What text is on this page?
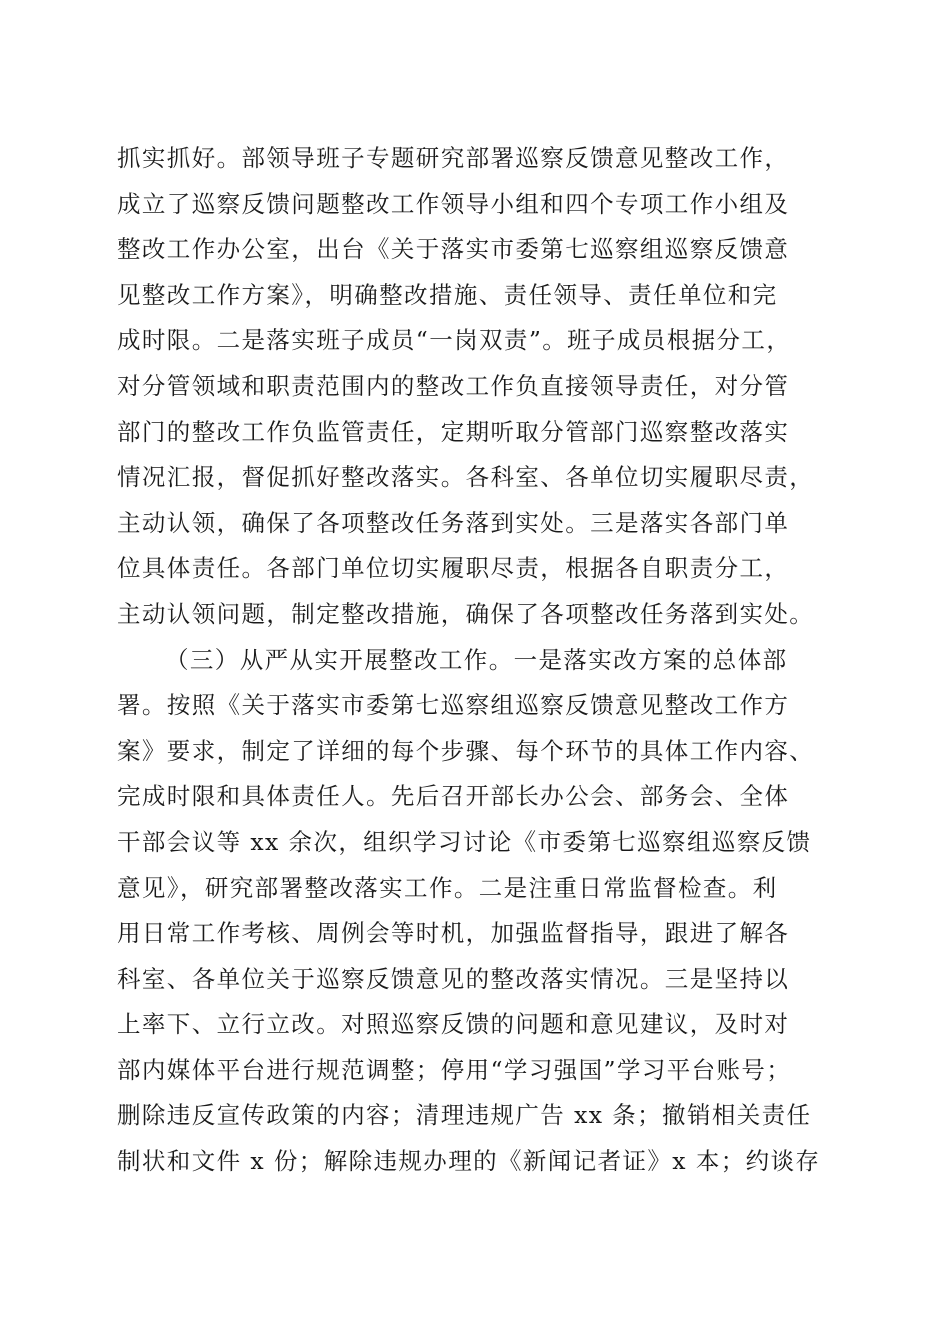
抓实抓好。部领导班子专题研究部署巡察反馈意见整改工作，
成立了巡察反馈问题整改工作领导小组和四个专项工作小组及
整改工作办公室，出台《关于落实市委第七巡察组巡察反馈意
见整改工作方案》，明确整改措施、责任领导、责任单位和完
成时限。二是落实班子成员“一岗双责”。班子成员根据分工，
对分管领域和职责范围内的整改工作负直接领导责任，对分管
部门的整改工作负监管责任，定期听取分管部门巡察整改落实
情况汇报，督促抓好整改落实。各科室、各单位切实履职尽责，
主动认领，确保了各项整改任务落到实处。三是落实各部门单
位具体责任。各部门单位切实履职尽责，根据各自职责分工，
主动认领问题，制定整改措施，确保了各项整改任务落到实处。
（三）从严从实开展整改工作。一是落实改方案的总体部
署。按照《关于落实市委第七巡察组巡察反馈意见整改工作方
案》要求，制定了详细的每个步骤、每个环节的具体工作内容、
完成时限和具体责任人。先后召开部长办公会、部务会、全体
干部会议等 xx 余次，组织学习讨论《市委第七巡察组巡察反馈
意见》，研究部署整改落实工作。二是注重日常监督检查。利
用日常工作考核、周例会等时机，加强监督指导，跟进了解各
科室、各单位关于巡察反馈意见的整改落实情况。三是坚持以
上率下、立行立改。对照巡察反馈的问题和意见建议，及时对
部内媒体平台进行规范调整；停用“学习强国”学习平台账号；
删除违反宣传政策的内容；清理违规广告 xx 条；撤销相关责任
制状和文件 x 份；解除违规办理的《新闻记者证》x 本；约谈存
